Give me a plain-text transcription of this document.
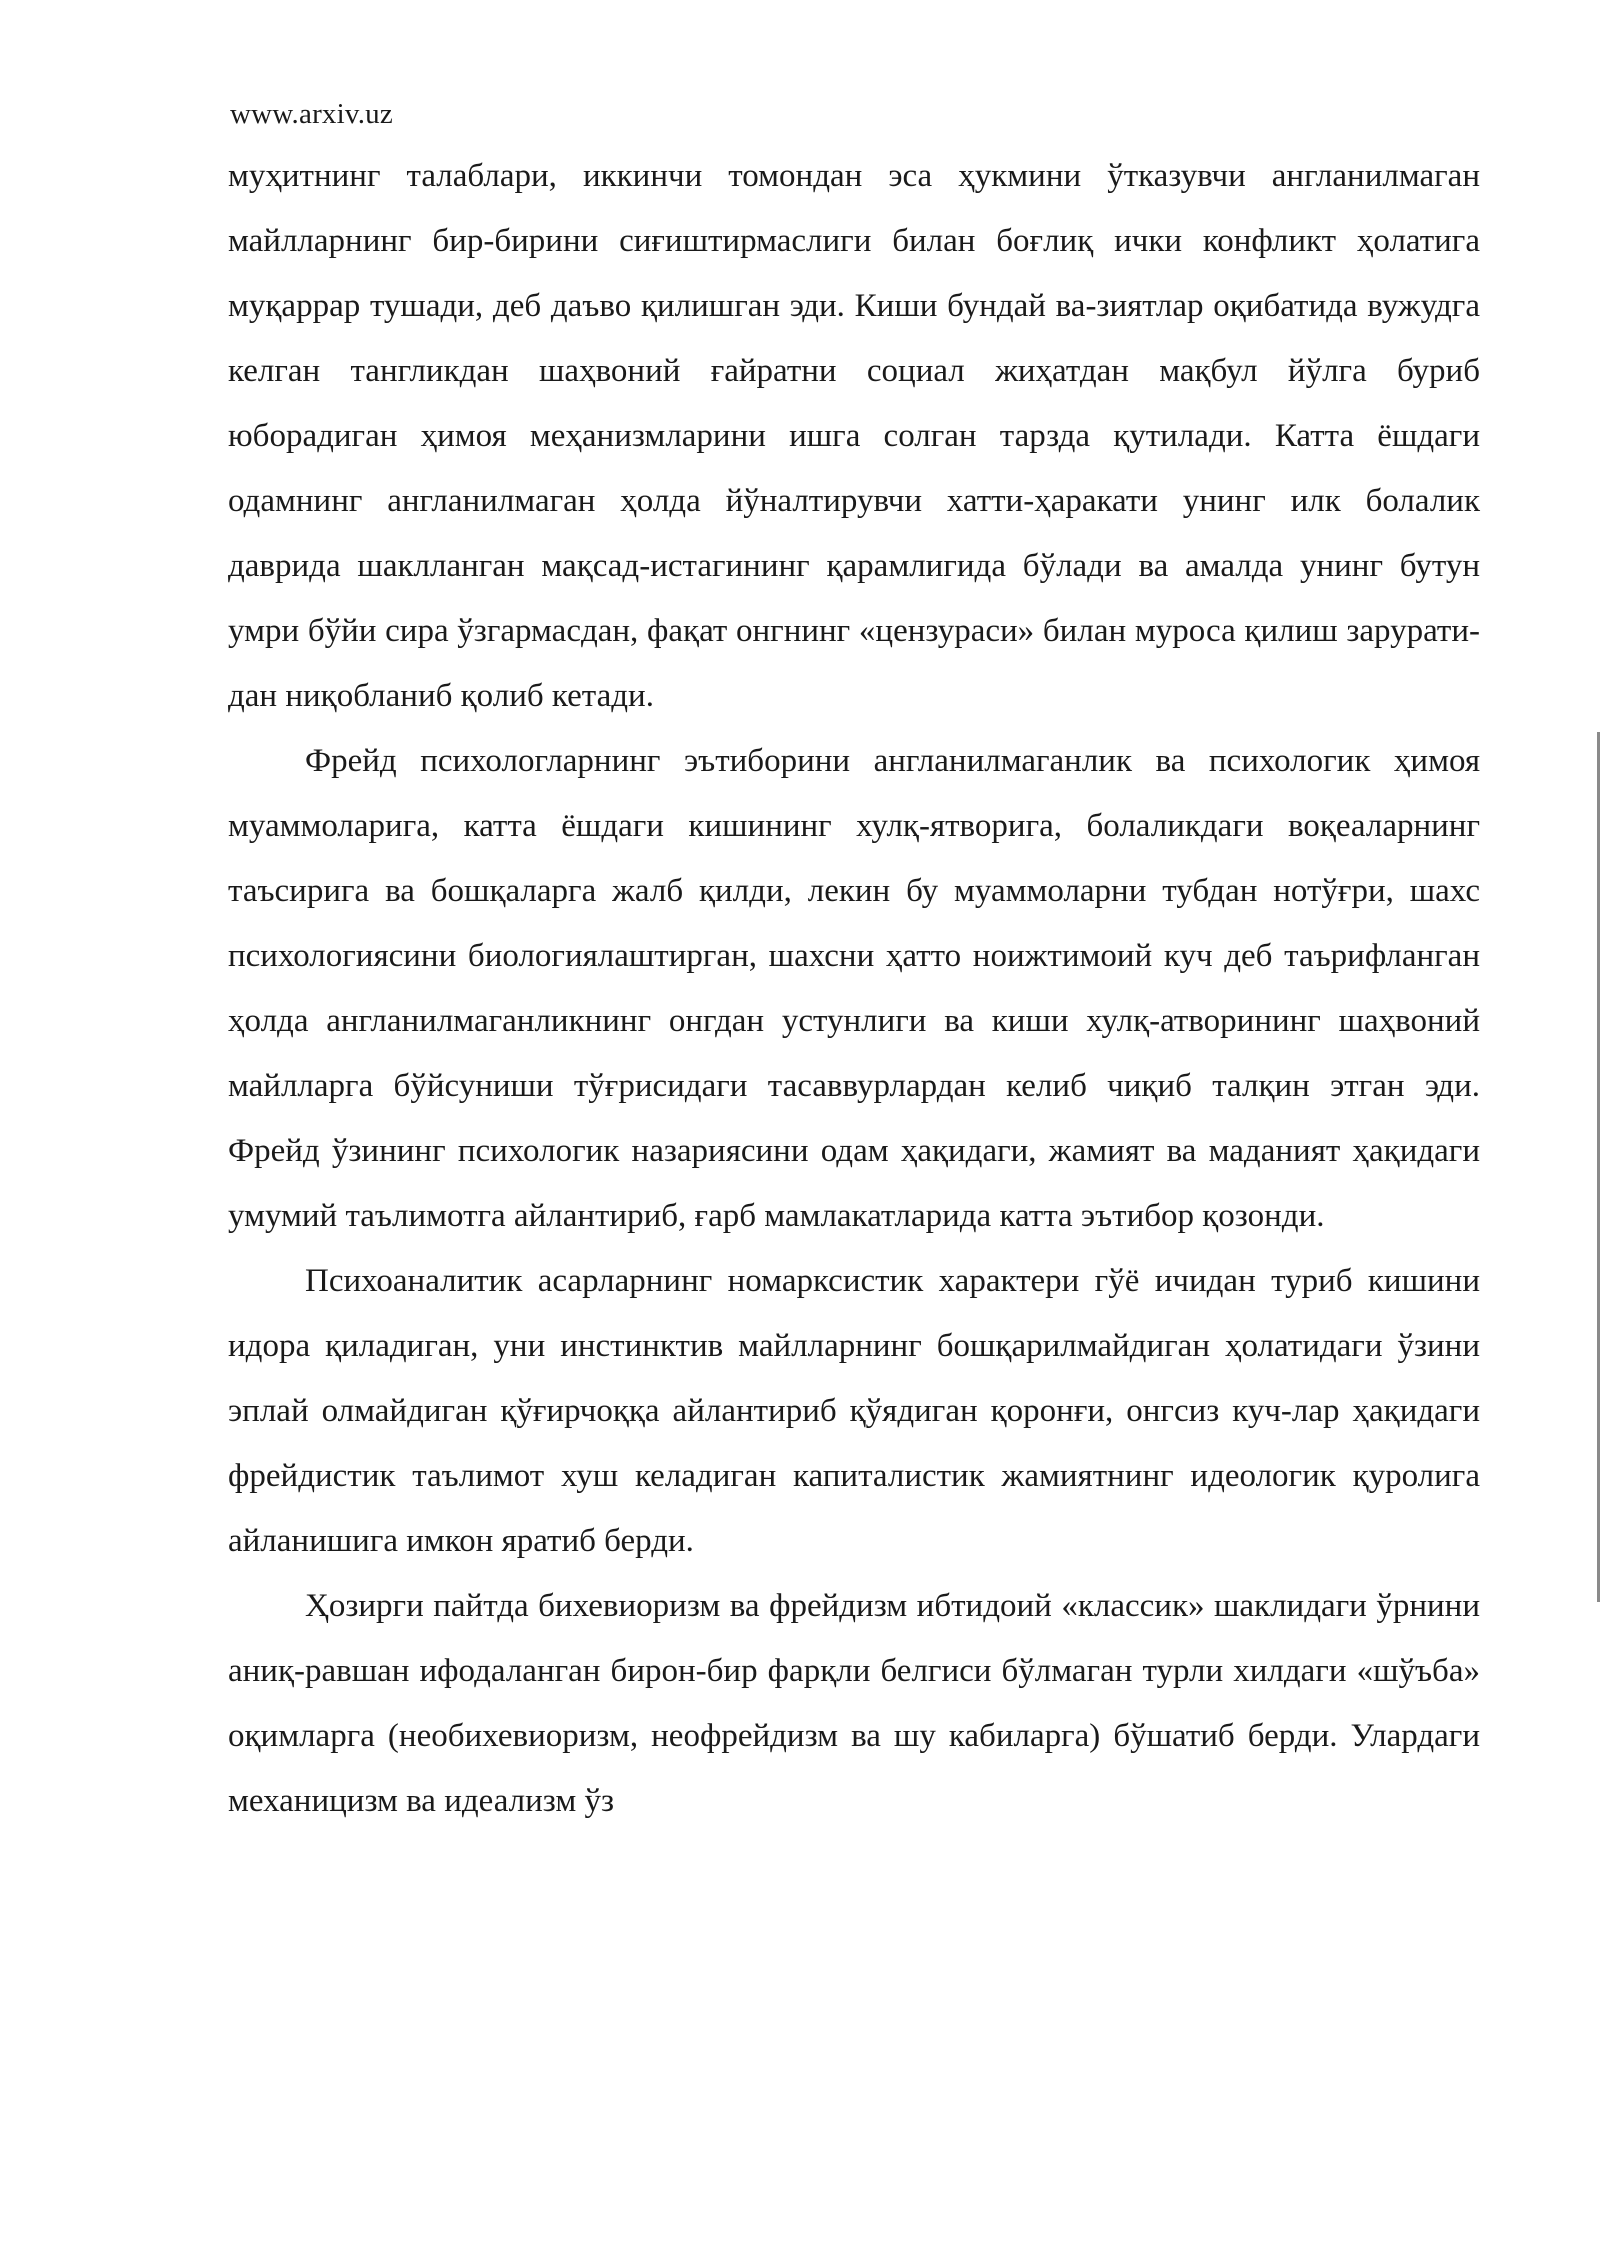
www.arxiv.uz

муҳитнинг талаблари, иккинчи томондан эса ҳукмини ўтказувчи англанилмаган майлларнинг бир-бирини сиғиштирмаслиги билан боғлиқ ички конфликт ҳолатига муқаррар тушади, деб даъво қилишган эди. Киши бундай ва-зиятлар оқибатида вужудга келган тангликдан шаҳвоний ғайратни социал жиҳатдан мақбул йўлга буриб юборадиган ҳимоя меҳанизмларини ишга солган тарзда қутилади. Катта ёшдаги одамнинг англанилмаган ҳолда йўналтирувчи хатти-ҳаракати унинг илк болалик даврида шаклланган мақсад-истагининг қарамлигида бўлади ва амалда унинг бутун умри бўйи сира ўзгармасдан, фақат онгнинг «цензураси» билан муроса қилиш заруратидан ниқобланиб қолиб кетади.

Фрейд психологларнинг эътиборини англанилмаганлик ва психологик ҳимоя муаммоларига, катта ёшдаги кишининг хулқ-ятворига, болаликдаги воқеаларнинг таъсирига ва бошқаларга жалб қилди, лекин бу муаммоларни тубдан нотўғри, шахс психологиясини биологиялаштирган, шахсни ҳатто ноижтимоий куч деб таърифланган ҳолда англанилмаганликнинг онгдан устунлиги ва киши хулқ-атворининг шаҳвоний майлларга бўйсуниши тўғрисидаги тасаввурлардан келиб чиқиб талқин этган эди. Фрейд ўзининг психологик назариясини одам ҳақидаги, жамият ва маданият ҳақидаги умумий таълимотга айлантириб, ғарб мамлакатларида катта эътибор қозонди.

Психоаналитик асарларнинг номарксистик характери гўё ичидан туриб кишини идора қиладиган, уни инстинктив майлларнинг бошқарилмайдиган ҳолатидаги ўзини эплай олмайдиган қўғирчоққа айлантириб қўядиган қоронғи, онгсиз куч-лар ҳақидаги фрейдистик таълимот хуш келадиган капиталистик жамиятнинг идеологик қуролига айланишига имкон яратиб берди.

Ҳозирги пайтда бихевиоризм ва фрейдизм ибтидоий «классик» шаклидаги ўрнини аниқ-равшан ифодаланган бирон-бир фарқли белгиси бўлмаган турли хилдаги «шўъба» оқимларга (необихевиоризм, неофрейдизм ва шу кабиларга) бўшатиб берди. Улардаги механицизм ва идеализм ўз
